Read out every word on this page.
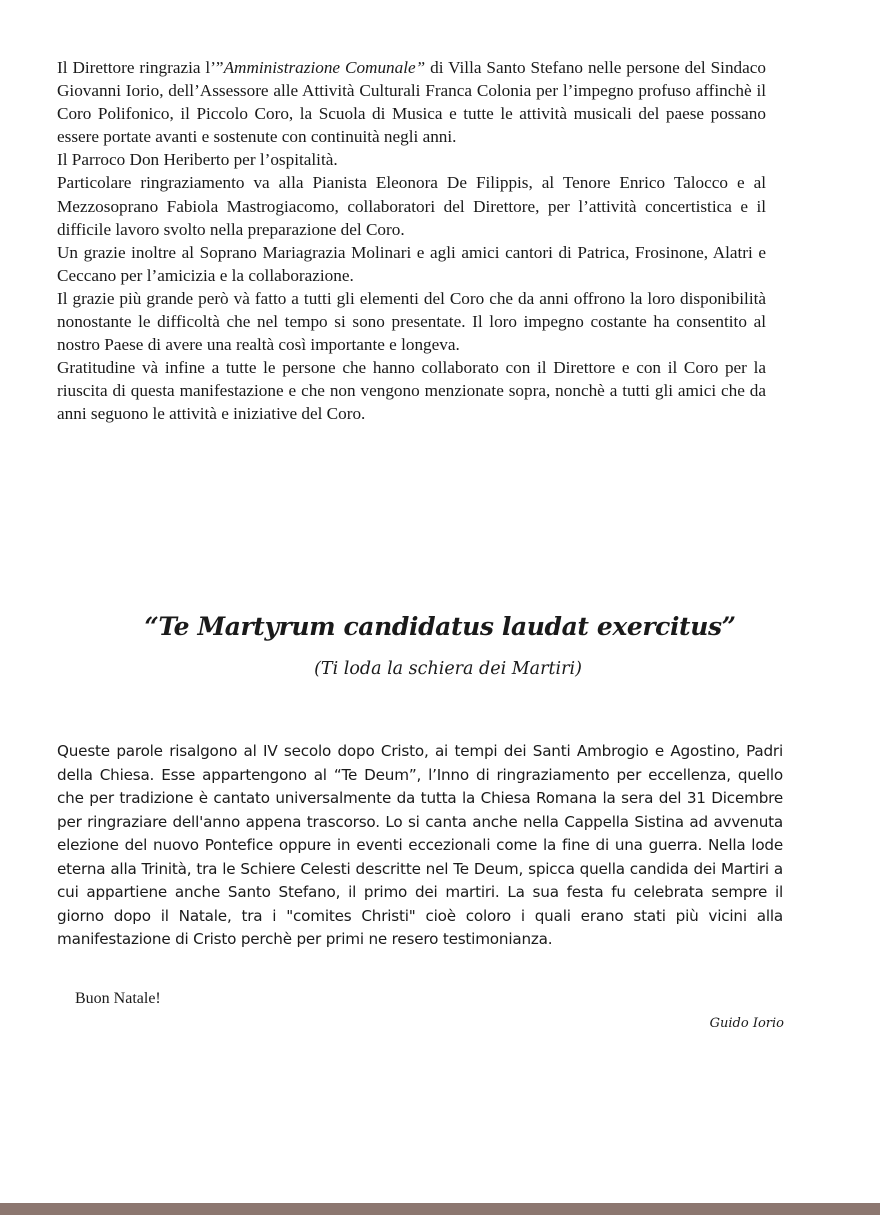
Il Direttore ringrazia l’”Amministrazione Comunale” di Villa Santo Stefano nelle persone del Sindaco Giovanni Iorio, dell’Assessore alle Attività Culturali Franca Colonia per l’impegno profuso affinchè il Coro Polifonico, il Piccolo Coro, la Scuola di Musica e tutte le attività musicali del paese possano essere portate avanti e sostenute con continuità negli anni.

Il Parroco Don Heriberto per l’ospitalità.

Particolare ringraziamento va alla Pianista Eleonora De Filippis, al Tenore Enrico Talocco e al Mezzosoprano Fabiola Mastrogiacomo, collaboratori del Direttore, per l’attività concertistica e il difficile lavoro svolto nella preparazione del Coro.

Un grazie inoltre al Soprano Mariagrazia Molinari e agli amici cantori di Patrica, Frosinone, Alatri e Ceccano per l’amicizia e la collaborazione.

Il grazie più grande però và fatto a tutti gli elementi del Coro che da anni offrono la loro disponibilità nonostante le difficoltà che nel tempo si sono presentate. Il loro impegno costante ha consentito al nostro Paese di avere una realtà così importante e longeva.

Gratitudine và infine a tutte le persone che hanno collaborato con il Direttore e con il Coro per la riuscita di questa manifestazione e che non vengono menzionate sopra, nonchè a tutti gli amici che da anni seguono le attività e iniziative del Coro.

“Te Martyrum candidatus laudat exercitus”

(Ti loda la schiera dei Martiri)

Queste parole risalgono al IV secolo dopo Cristo, ai tempi dei Santi Ambrogio e Agostino, Padri della Chiesa. Esse appartengono al “Te Deum”, l’Inno di ringraziamento per eccellenza, quello che per tradizione è cantato universalmente da tutta la Chiesa Romana la sera del 31 Dicembre per ringraziare dell'anno appena trascorso. Lo si canta anche nella Cappella Sistina ad avvenuta elezione del nuovo Pontefice oppure in eventi eccezionali come la fine di una guerra. Nella lode eterna alla Trinità, tra le Schiere Celesti descritte nel Te Deum, spicca quella candida dei Martiri a cui appartiene anche Santo Stefano, il primo dei martiri. La sua festa fu celebrata sempre il giorno dopo il Natale, tra i "comites Christi" cioè coloro i quali erano stati più vicini alla manifestazione di Cristo perchè per primi ne resero testimonianza.

Buon Natale!

Guido Iorio
